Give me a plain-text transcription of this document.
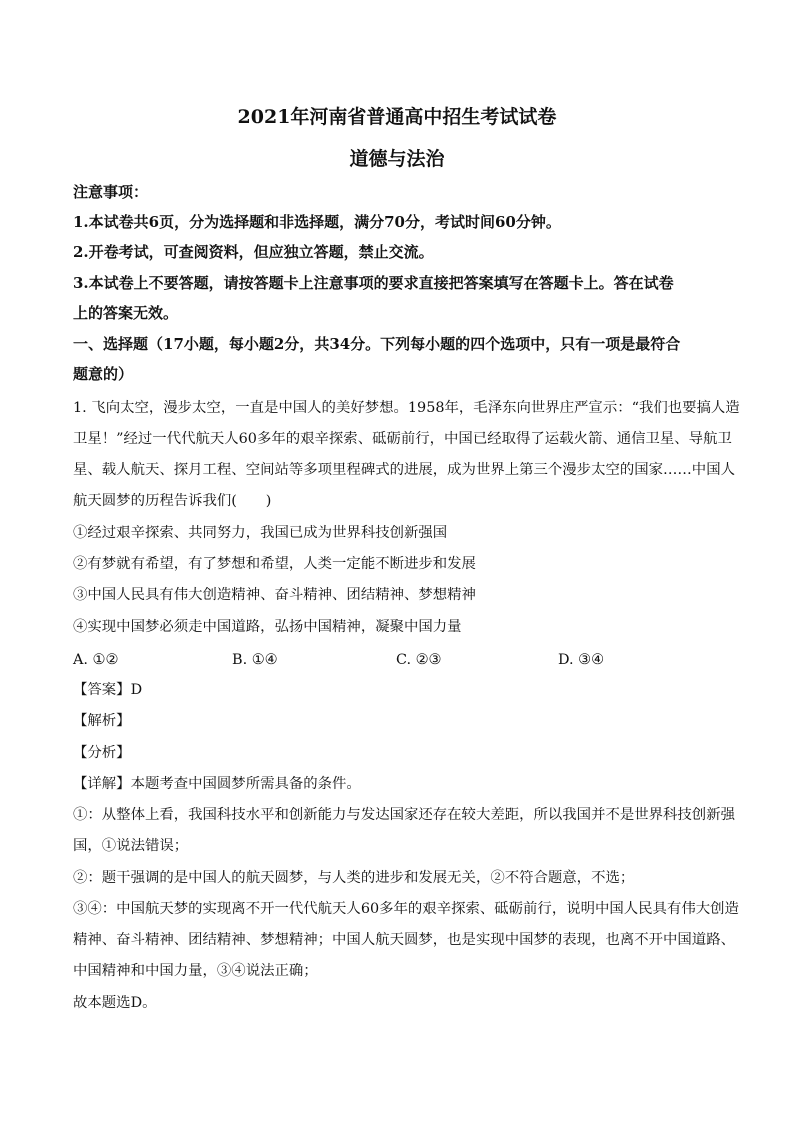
2021年河南省普通高中招生考试试卷
道德与法治
注意事项：
1.本试卷共6页，分为选择题和非选择题，满分70分，考试时间60分钟。
2.开卷考试，可查阅资料，但应独立答题，禁止交流。
3.本试卷上不要答题，请按答题卡上注意事项的要求直接把答案填写在答题卡上。答在试卷
上的答案无效。
一、选择题（17小题，每小题2分，共34分。下列每小题的四个选项中，只有一项是最符合
题意的）
1. 飞向太空，漫步太空，一直是中国人的美好梦想。1958年，毛泽东向世界庄严宣示：“我们也要搞人造
卫星！”经过一代代航天人60多年的艰辛探索、砥砺前行，中国已经取得了运载火箭、通信卫星、导航卫
星、载人航天、探月工程、空间站等多项里程碑式的进展，成为世界上第三个漫步太空的国家……中国人
航天圆梦的历程告诉我们(　　)
①经过艰辛探索、共同努力，我国已成为世界科技创新强国
②有梦就有希望，有了梦想和希望，人类一定能不断进步和发展
③中国人民具有伟大创造精神、奋斗精神、团结精神、梦想精神
④实现中国梦必须走中国道路，弘扬中国精神，凝聚中国力量
A. ①②	B. ①④	C. ②③	D. ③④
【答案】D
【解析】
【分析】
【详解】本题考查中国圆梦所需具备的条件。
①：从整体上看，我国科技水平和创新能力与发达国家还存在较大差距，所以我国并不是世界科技创新强
国，①说法错误；
②：题干强调的是中国人的航天圆梦，与人类的进步和发展无关，②不符合题意，不选；
③④：中国航天梦的实现离不开一代代航天人60多年的艰辛探索、砥砺前行，说明中国人民具有伟大创造
精神、奋斗精神、团结精神、梦想精神；中国人航天圆梦，也是实现中国梦的表现，也离不开中国道路、
中国精神和中国力量，③④说法正确；
故本题选D。
